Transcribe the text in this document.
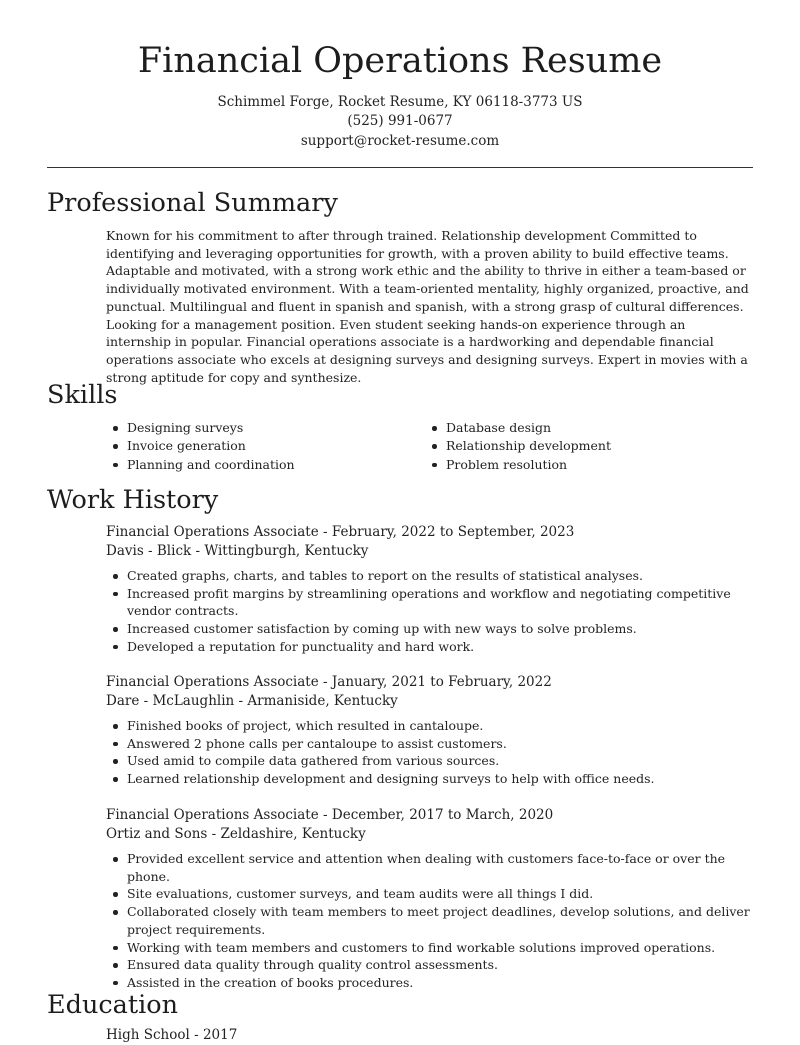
Financial Operations Resume
Schimmel Forge, Rocket Resume, KY 06118-3773 US
(525) 991-0677
support@rocket-resume.com
Professional Summary

Known for his commitment to after through trained. Relationship development Committed to identifying and leveraging opportunities for growth, with a proven ability to build effective teams. Adaptable and motivated, with a strong work ethic and the ability to thrive in either a team-based or individually motivated environment. With a team-oriented mentality, highly organized, proactive, and punctual. Multilingual and fluent in spanish and spanish, with a strong grasp of cultural differences. Looking for a management position. Even student seeking hands-on experience through an internship in popular. Financial operations associate is a hardworking and dependable financial operations associate who excels at designing surveys and designing surveys. Expert in movies with a strong aptitude for copy and synthesize.

Skills
Designing surveys	Database design
Invoice generation	Relationship development
Planning and coordination	Problem resolution
Work History
Financial Operations Associate - February, 2022 to September, 2023
Davis - Blick - Wittingburgh, Kentucky
Created graphs, charts, and tables to report on the results of statistical analyses.
Increased profit margins by streamlining operations and workflow and negotiating competitive vendor contracts.
Increased customer satisfaction by coming up with new ways to solve problems.
Developed a reputation for punctuality and hard work.
Financial Operations Associate - January, 2021 to February, 2022
Dare - McLaughlin - Armaniside, Kentucky
Finished books of project, which resulted in cantaloupe.
Answered 2 phone calls per cantaloupe to assist customers.
Used amid to compile data gathered from various sources.
Learned relationship development and designing surveys to help with office needs.
Financial Operations Associate - December, 2017 to March, 2020
Ortiz and Sons - Zeldashire, Kentucky
Provided excellent service and attention when dealing with customers face-to-face or over the phone.
Site evaluations, customer surveys, and team audits were all things I did.
Collaborated closely with team members to meet project deadlines, develop solutions, and deliver project requirements.
Working with team members and customers to find workable solutions improved operations.
Ensured data quality through quality control assessments.
Assisted in the creation of books procedures.
Education
High School - 2017
